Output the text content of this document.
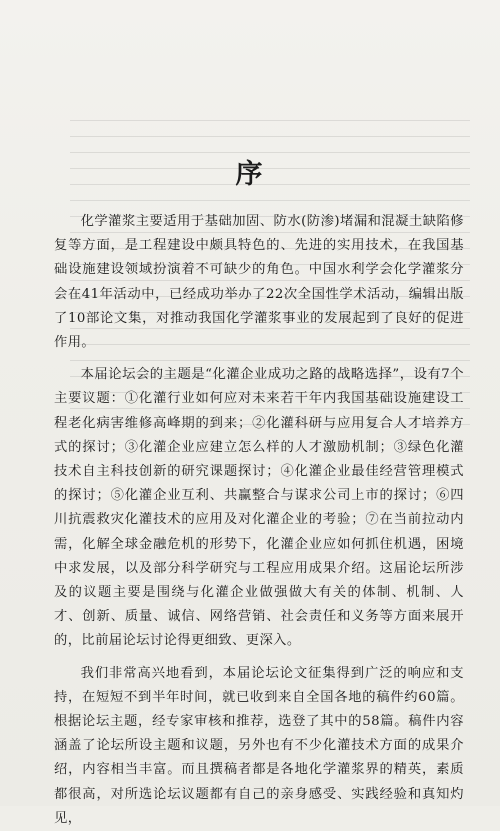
序

化学灌浆主要适用于基础加固、防水(防渗)堵漏和混凝土缺陷修复等方面，是工程建设中颇具特色的、先进的实用技术，在我国基础设施建设领域扮演着不可缺少的角色。中国水利学会化学灌浆分会在41年活动中，已经成功举办了22次全国性学术活动，编辑出版了10部论文集，对推动我国化学灌浆事业的发展起到了良好的促进作用。

本届论坛会的主题是“化灌企业成功之路的战略选择”，设有7个主要议题：①化灌行业如何应对未来若干年内我国基础设施建设工程老化病害维修高峰期的到来；②化灌科研与应用复合人才培养方式的探讨；③化灌企业应建立怎么样的人才激励机制；③绿色化灌技术自主科技创新的研究课题探讨；④化灌企业最佳经营管理模式的探讨；⑤化灌企业互利、共赢整合与谋求公司上市的探讨；⑥四川抗震救灾化灌技术的应用及对化灌企业的考验；⑦在当前拉动内需，化解全球金融危机的形势下，化灌企业应如何抓住机遇，困境中求发展，以及部分科学研究与工程应用成果介绍。这届论坛所涉及的议题主要是围绕与化灌企业做强做大有关的体制、机制、人才、创新、质量、诚信、网络营销、社会责任和义务等方面来展开的，比前届论坛讨论得更细致、更深入。

我们非常高兴地看到，本届论坛论文征集得到广泛的响应和支持，在短短不到半年时间，就已收到来自全国各地的稿件约60篇。根据论坛主题，经专家审核和推荐，选登了其中的58篇。稿件内容涵盖了论坛所设主题和议题，另外也有不少化灌技术方面的成果介绍，内容相当丰富。而且撰稿者都是各地化学灌浆界的精英，素质都很高，对所选论坛议题都有自己的亲身感受、实践经验和真知灼见，
